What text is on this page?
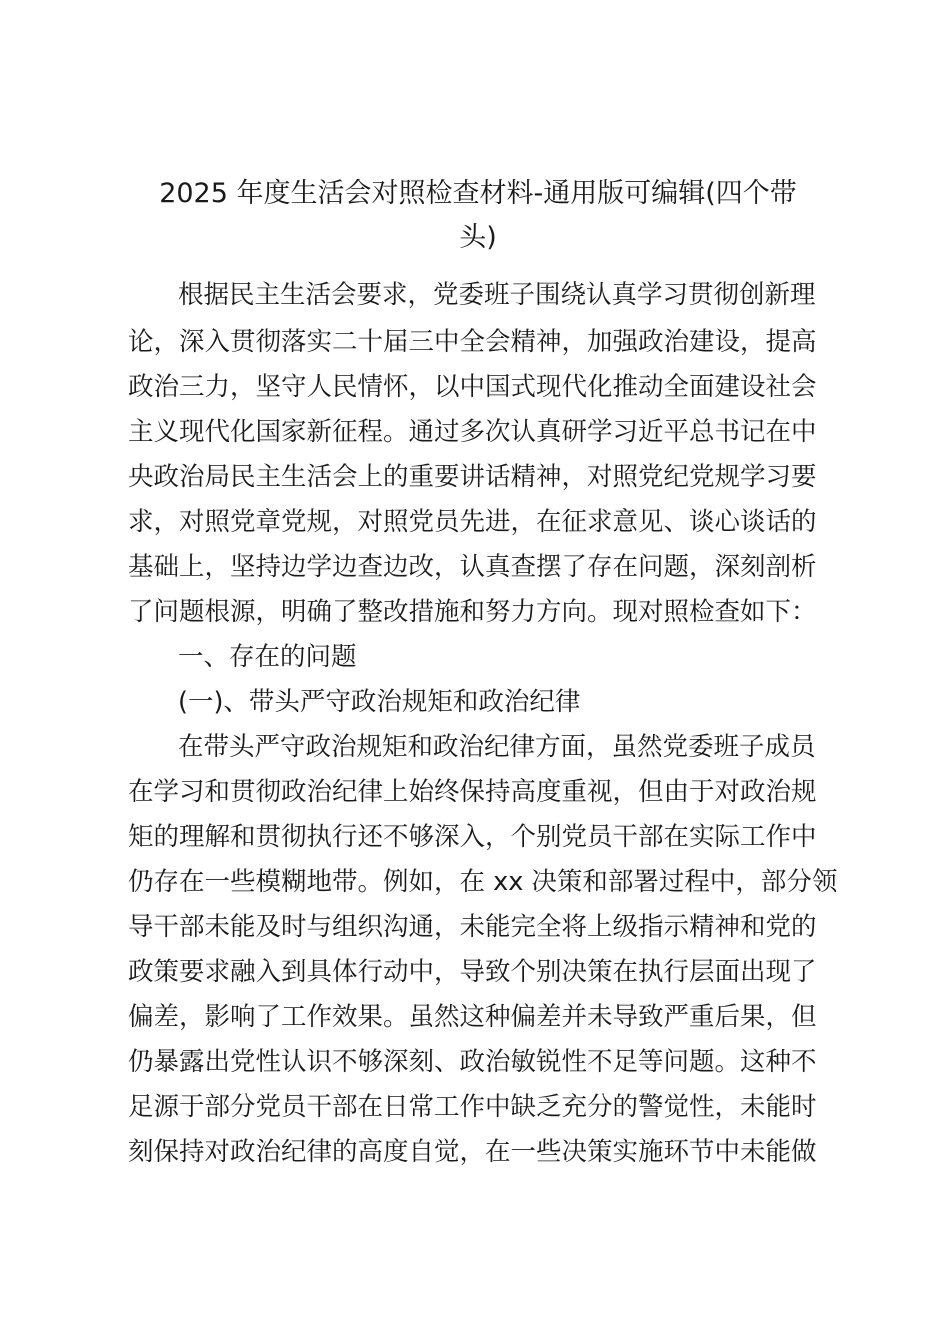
2025 年度生活会对照检查材料-通用版可编辑(四个带
头)

根据民主生活会要求，党委班子围绕认真学习贯彻创新理

论，深入贯彻落实二十届三中全会精神，加强政治建设，提高

政治三力，坚守人民情怀，以中国式现代化推动全面建设社会

主义现代化国家新征程。通过多次认真研学习近平总书记在中

央政治局民主生活会上的重要讲话精神，对照党纪党规学习要

求，对照党章党规，对照党员先进，在征求意见、谈心谈话的

基础上，坚持边学边查边改，认真查摆了存在问题，深刻剖析

了问题根源，明确了整改措施和努力方向。现对照检查如下：

一、存在的问题

(一)、带头严守政治规矩和政治纪律

在带头严守政治规矩和政治纪律方面，虽然党委班子成员

在学习和贯彻政治纪律上始终保持高度重视，但由于对政治规

矩的理解和贯彻执行还不够深入，个别党员干部在实际工作中

仍存在一些模糊地带。例如，在 xx 决策和部署过程中，部分领

导干部未能及时与组织沟通，未能完全将上级指示精神和党的

政策要求融入到具体行动中，导致个别决策在执行层面出现了

偏差，影响了工作效果。虽然这种偏差并未导致严重后果，但

仍暴露出党性认识不够深刻、政治敏锐性不足等问题。这种不

足源于部分党员干部在日常工作中缺乏充分的警觉性，未能时

刻保持对政治纪律的高度自觉，在一些决策实施环节中未能做
